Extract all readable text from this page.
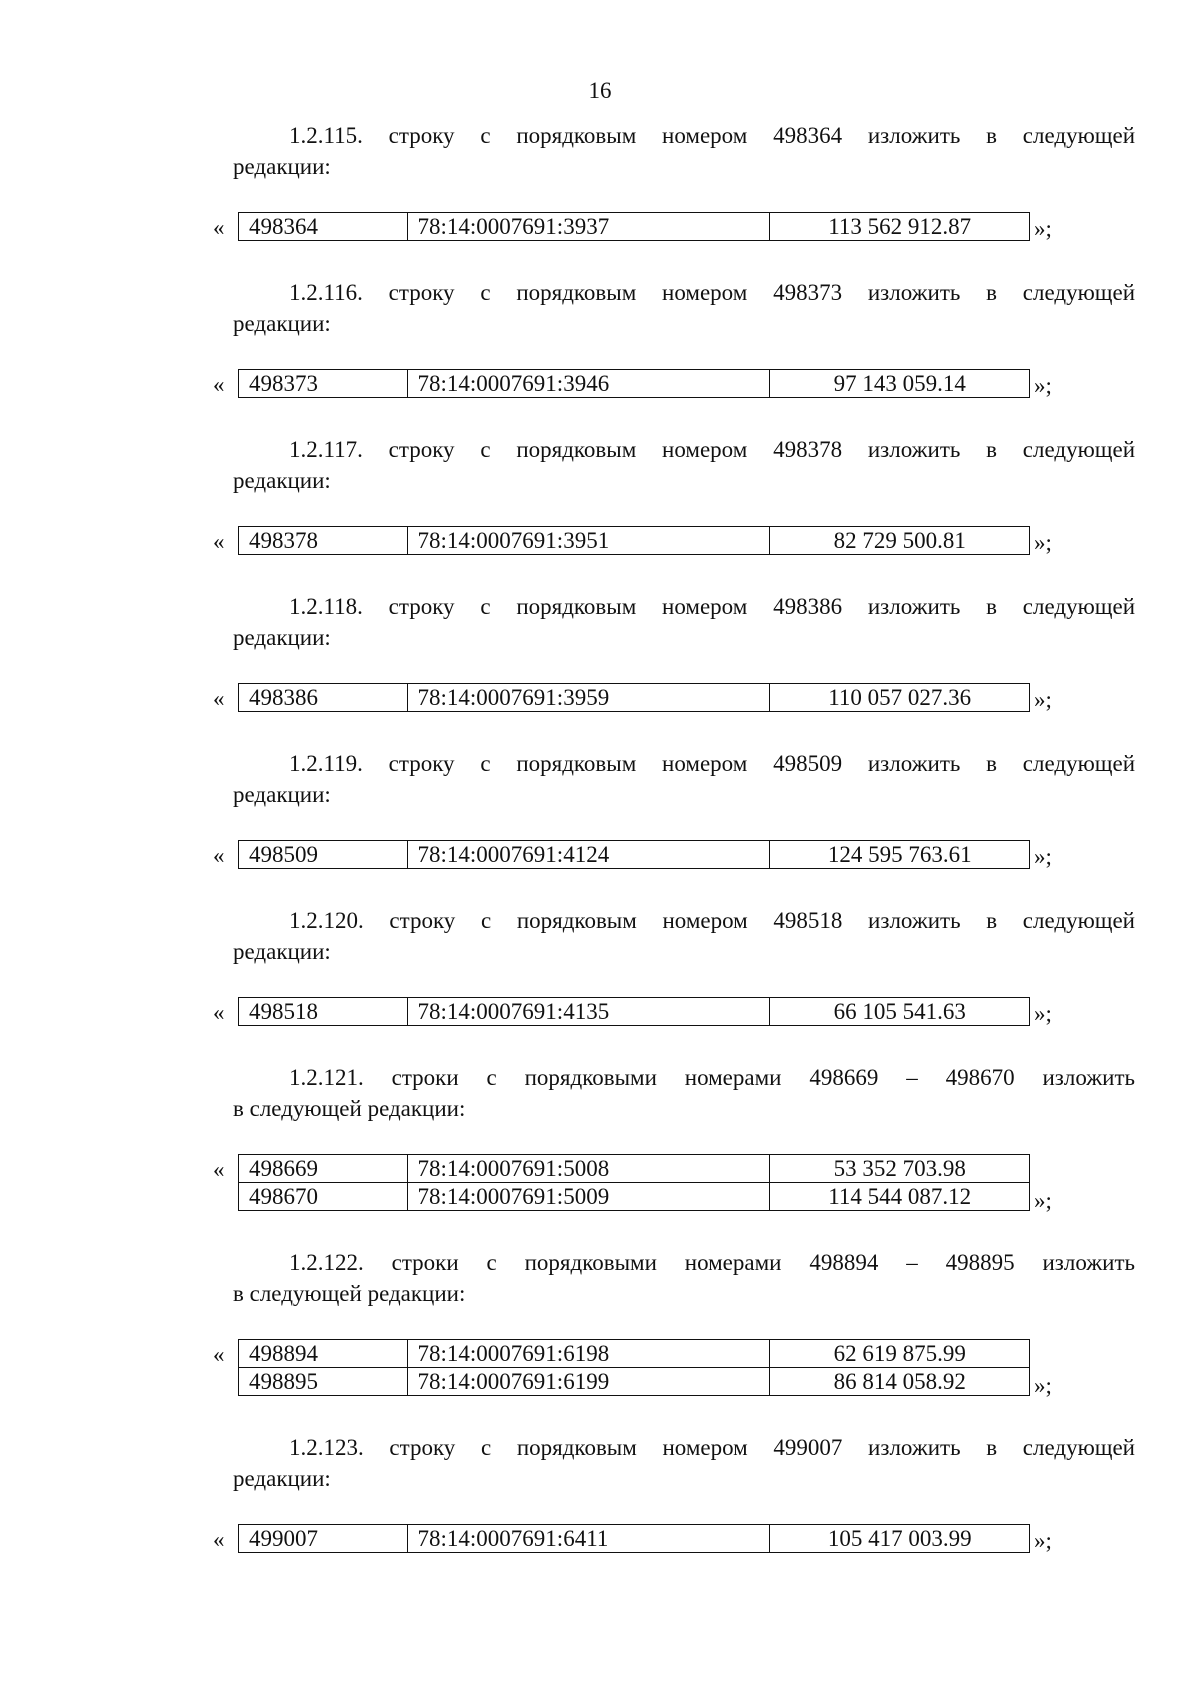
16
1.2.115. строку с порядковым номером 498364 изложить в следующей
редакции:
« 498364	78:14:0007691:3937	113 562 912.87	»;
1.2.116. строку с порядковым номером 498373 изложить в следующей
редакции:
« 498373	78:14:0007691:3946	97 143 059.14	»;
1.2.117. строку с порядковым номером 498378 изложить в следующей
редакции:
« 498378	78:14:0007691:3951	82 729 500.81	»;
1.2.118. строку с порядковым номером 498386 изложить в следующей
редакции:
« 498386	78:14:0007691:3959	110 057 027.36	»;
1.2.119. строку с порядковым номером 498509 изложить в следующей
редакции:
« 498509	78:14:0007691:4124	124 595 763.61	»;
1.2.120. строку с порядковым номером 498518 изложить в следующей
редакции:
« 498518	78:14:0007691:4135	66 105 541.63	»;
1.2.121. строки с порядковыми номерами 498669 – 498670 изложить
в следующей редакции:
« 498669	78:14:0007691:5008	53 352 703.98
498670	78:14:0007691:5009	114 544 087.12	»;
1.2.122. строки с порядковыми номерами 498894 – 498895 изложить
в следующей редакции:
« 498894	78:14:0007691:6198	62 619 875.99
498895	78:14:0007691:6199	86 814 058.92	»;
1.2.123. строку с порядковым номером 499007 изложить в следующей
редакции:
« 499007	78:14:0007691:6411	105 417 003.99	»;
